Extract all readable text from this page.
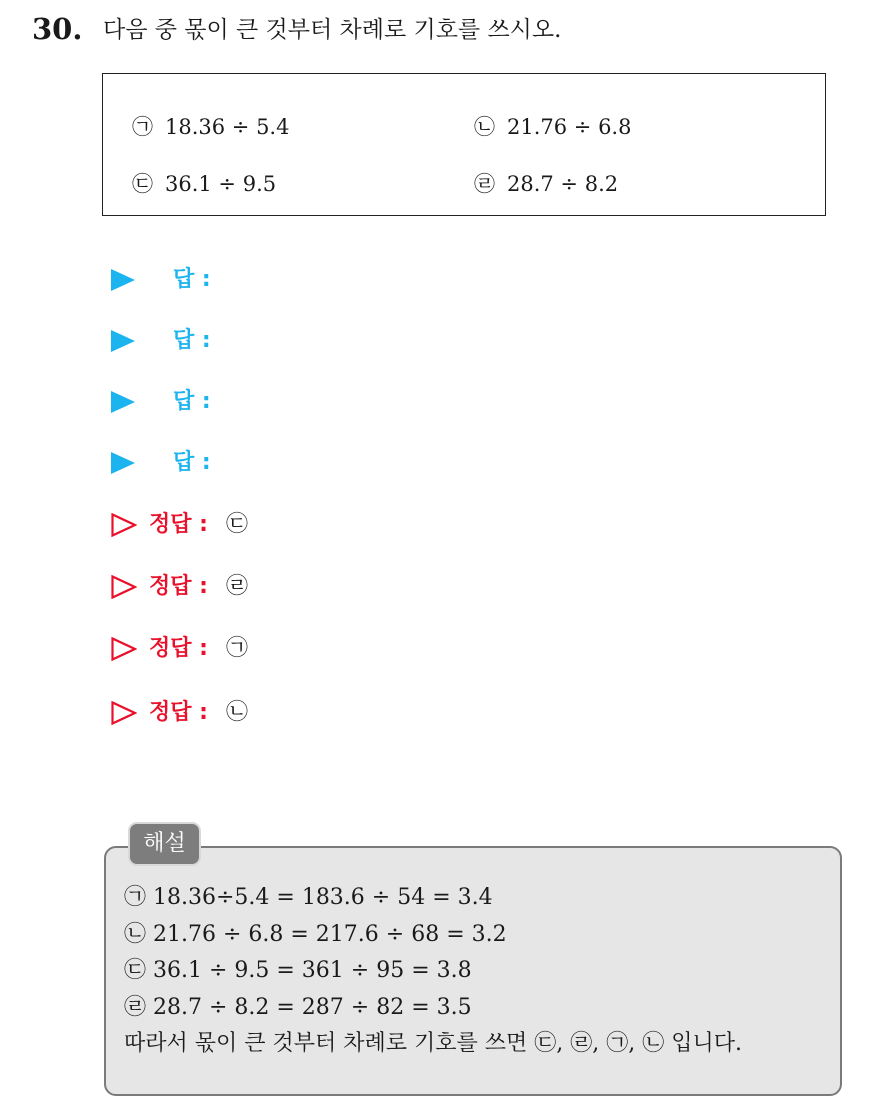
30. 다음 중 몫이 큰 것부터 차례로 기호를 쓰시오.
㉠ 18.36 ÷ 5.4	㉡ 21.76 ÷ 6.8
㉢ 36.1 ÷ 9.5	㉣ 28.7 ÷ 8.2
답 :
답 :
답 :
답 :
정답 : ㉢
정답 : ㉣
정답 : ㉠
정답 : ㉡
해설
㉠ 18.36÷5.4 = 183.6 ÷ 54 = 3.4
㉡ 21.76 ÷ 6.8 = 217.6 ÷ 68 = 3.2
㉢ 36.1 ÷ 9.5 = 361 ÷ 95 = 3.8
㉣ 28.7 ÷ 8.2 = 287 ÷ 82 = 3.5
따라서 몫이 큰 것부터 차례로 기호를 쓰면 ㉢, ㉣, ㉠, ㉡ 입니다.
